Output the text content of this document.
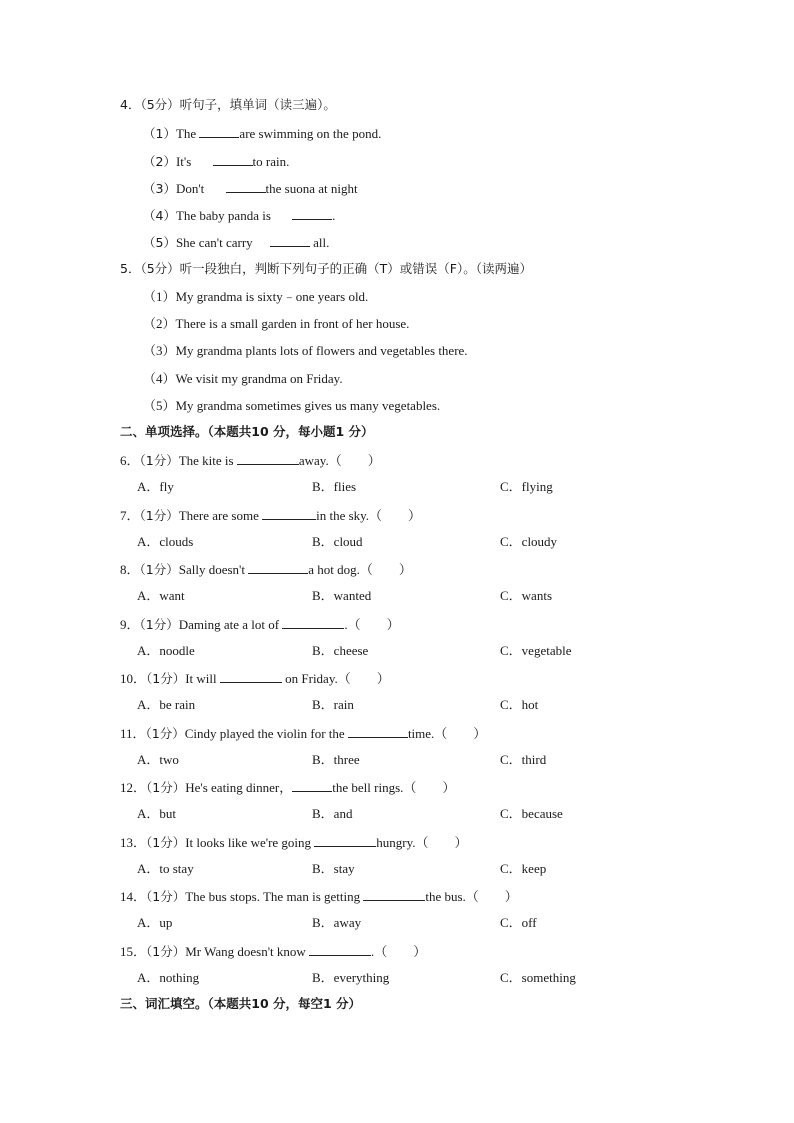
4．（5分）听句子，填单词（读三遍）。
（1）The	are swimming on the pond.
（2）It's	to rain.
（3）Don't	the suona at night
（4）The baby panda is	.
（5）She can't carry	all.
5．（5分）听一段独白，判断下列句子的正确（T）或错误（F）。（读两遍）
（1）My grandma is sixty﹣one years old.
（2）There is a small garden in front of her house.
（3）My grandma plants lots of flowers and vegetables there.
（4）We visit my grandma on Friday.
（5）My grandma sometimes gives us many vegetables.
二、单项选择。（本题共10 分，每小题1 分）
6．（1分）The kite is	away.（　　）
A．fly	B．flies	C．flying
7．（1分）There are some	in the sky.（　　）
A．clouds	B．cloud	C．cloudy
8．（1分）Sally doesn't	a hot dog.（　　）
A．want	B．wanted	C．wants
9．（1分）Daming ate a lot of	.（　　）
A．noodle	B．cheese	C．vegetable
10．（1分）It will	on Friday.（　　）
A．be rain	B．rain	C．hot
11．（1分）Cindy played the violin for the	time.（　　）
A．two	B．three	C．third
12．（1分）He's eating dinner，	the bell rings.（　　）
A．but	B．and	C．because
13．（1分）It looks like we're going	hungry.（　　）
A．to stay	B．stay	C．keep
14．（1分）The bus stops. The man is getting	the bus.（　　）
A．up	B．away	C．off
15．（1分）Mr Wang doesn't know	.（　　）
A．nothing	B．everything	C．something
三、词汇填空。（本题共10 分，每空1 分）
